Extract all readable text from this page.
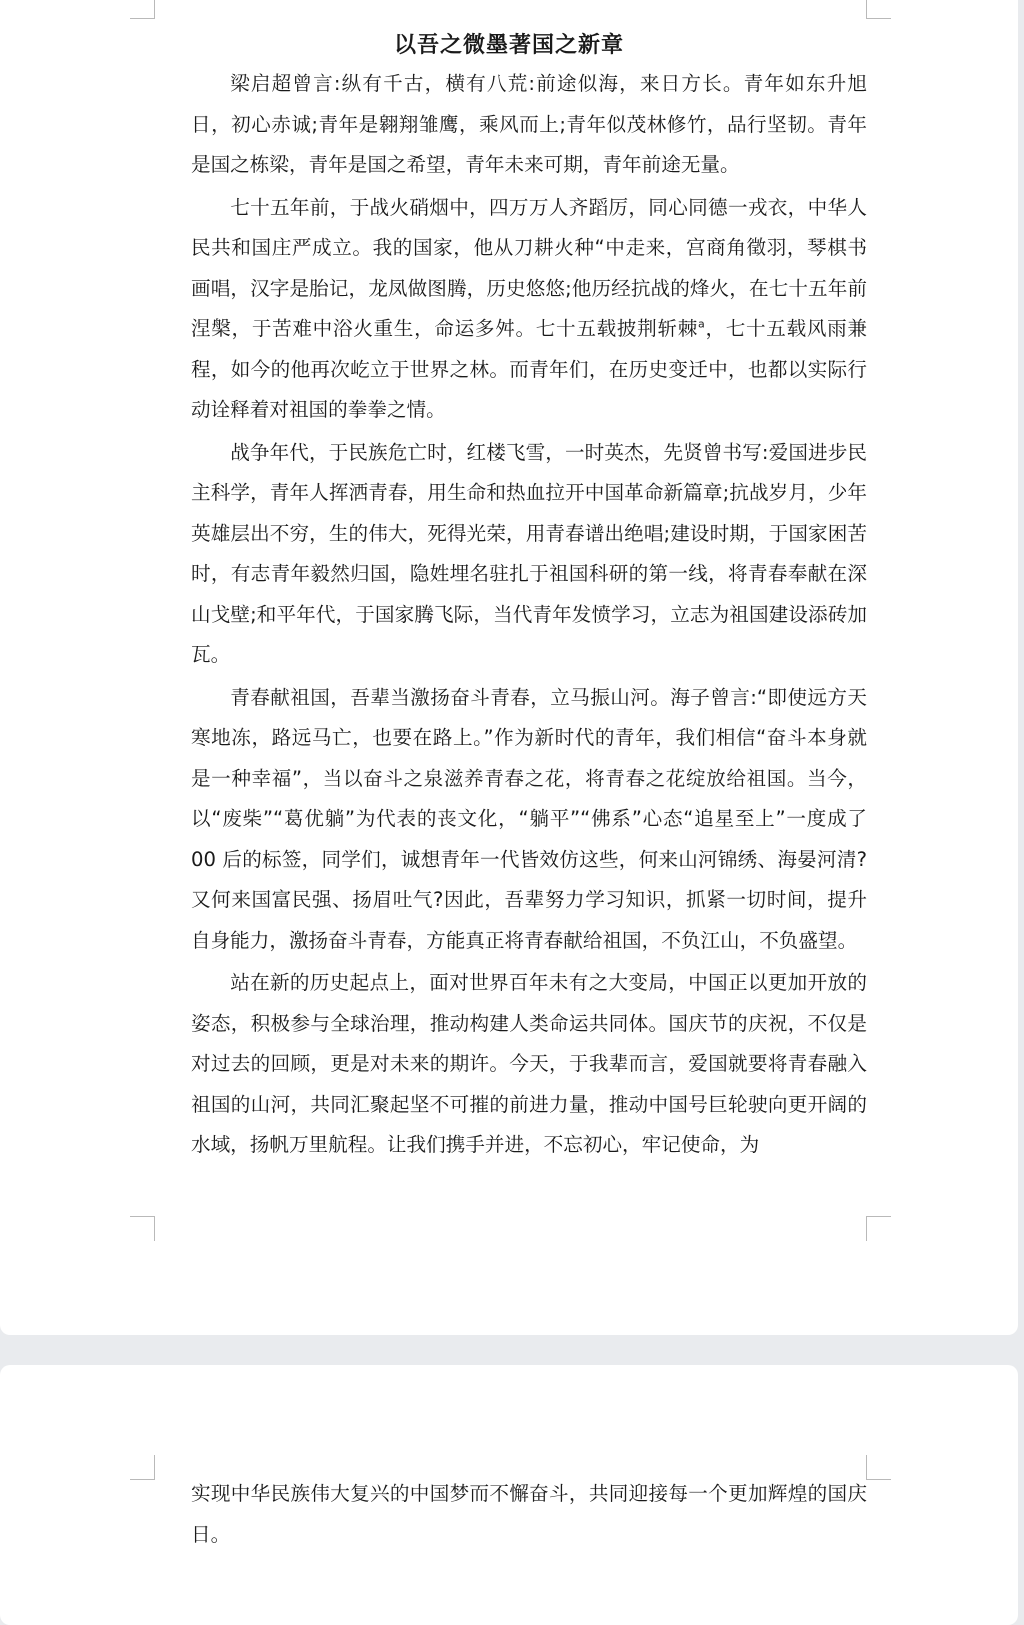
以吾之微墨著国之新章

梁启超曾言:纵有千古，横有八荒:前途似海，来日方长。青年如东升旭日，初心赤诚;青年是翱翔雏鹰，乘风而上;青年似茂林修竹，品行坚韧。青年是国之栋梁，青年是国之希望，青年未来可期，青年前途无量。

七十五年前，于战火硝烟中，四万万人齐蹈厉，同心同德一戎衣，中华人民共和国庄严成立。我的国家，他从刀耕火种“中走来，宫商角徵羽，琴棋书画唱，汉字是胎记，龙凤做图腾，历史悠悠;他历经抗战的烽火，在七十五年前涅槃，于苦难中浴火重生，命运多舛。七十五载披荆斩棘$^a$，七十五载风雨兼程，如今的他再次屹立于世界之林。而青年们，在历史变迁中，也都以实际行动诠释着对祖国的拳拳之情。

战争年代，于民族危亡时，红楼飞雪，一时英杰，先贤曾书写:爱国进步民主科学，青年人挥洒青春，用生命和热血拉开中国革命新篇章;抗战岁月，少年英雄层出不穷，生的伟大，死得光荣，用青春谱出绝唱;建设时期，于国家困苦时，有志青年毅然归国，隐姓埋名驻扎于祖国科研的第一线，将青春奉献在深山戈壁;和平年代，于国家腾飞际，当代青年发愤学习，立志为祖国建设添砖加瓦。

青春献祖国，吾辈当激扬奋斗青春，立马振山河。海子曾言:“即使远方天寒地冻，路远马亡，也要在路上。”作为新时代的青年，我们相信“奋斗本身就是一种幸福”，当以奋斗之泉滋养青春之花，将青春之花绽放给祖国。当今，以“废柴”“葛优躺”为代表的丧文化，“躺平”“佛系”心态“追星至上”一度成了 00 后的标签，同学们，诚想青年一代皆效仿这些，何来山河锦绣、海晏河清?又何来国富民强、扬眉吐气?因此，吾辈努力学习知识，抓紧一切时间，提升自身能力，激扬奋斗青春，方能真正将青春献给祖国，不负江山，不负盛望。

站在新的历史起点上，面对世界百年未有之大变局，中国正以更加开放的姿态，积极参与全球治理，推动构建人类命运共同体。国庆节的庆祝，不仅是对过去的回顾，更是对未来的期许。今天，于我辈而言，爱国就要将青春融入祖国的山河，共同汇聚起坚不可摧的前进力量，推动中国号巨轮驶向更开阔的水域，扬帆万里航程。让我们携手并进，不忘初心，牢记使命，为

实现中华民族伟大复兴的中国梦而不懈奋斗，共同迎接每一个更加辉煌的国庆日。
